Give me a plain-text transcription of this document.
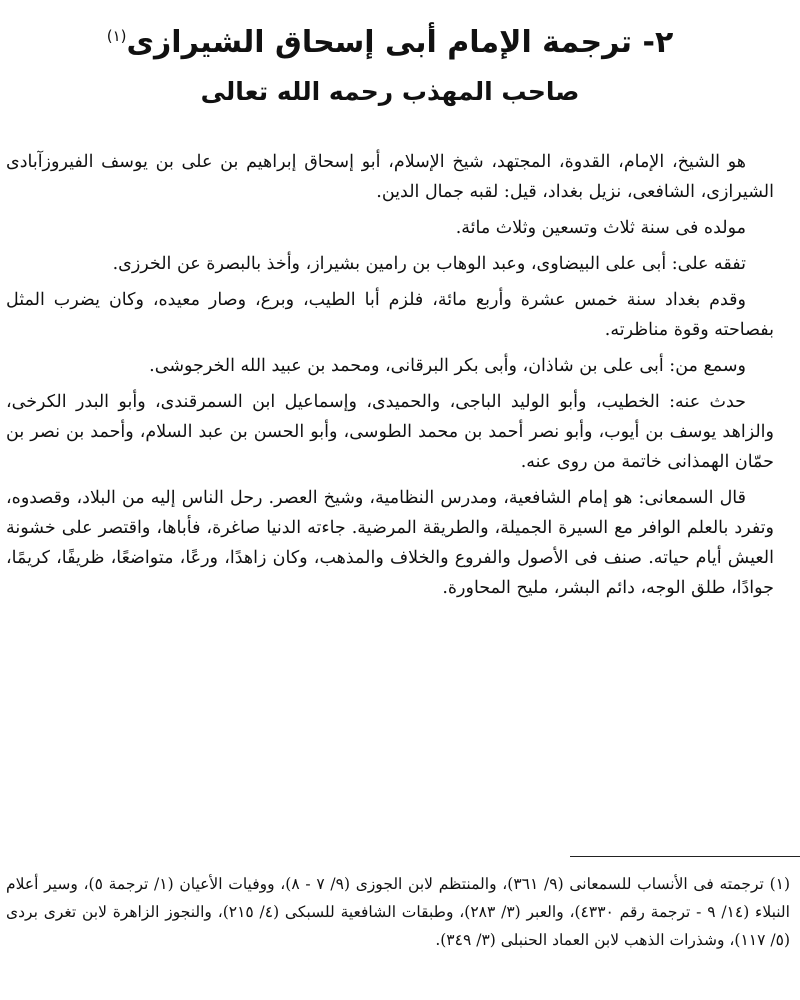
٢- ترجمة الإمام أبى إسحاق الشيرازى$^{(١)}$
صاحب المهذب رحمه الله تعالى

هو الشيخ، الإمام، القدوة، المجتهد، شيخ الإسلام، أبو إسحاق إبراهيم بن على بن يوسف الفيروزآبادى الشيرازى، الشافعى، نزيل بغداد، قيل: لقبه جمال الدين.

مولده فى سنة ثلاث وتسعين وثلاث مائة.

تفقه على: أبى على البيضاوى، وعبد الوهاب بن رامين بشيراز، وأخذ بالبصرة عن الخرزى.

وقدم بغداد سنة خمس عشرة وأربع مائة، فلزم أبا الطيب، وبرع، وصار معيده، وكان يضرب المثل بفصاحته وقوة مناظرته.

وسمع من: أبى على بن شاذان، وأبى بكر البرقانى، ومحمد بن عبيد الله الخرجوشى.

حدث عنه: الخطيب، وأبو الوليد الباجى، والحميدى، وإسماعيل ابن السمرقندى، وأبو البدر الكرخى، والزاهد يوسف بن أيوب، وأبو نصر أحمد بن محمد الطوسى، وأبو الحسن بن عبد السلام، وأحمد بن نصر بن حمّان الهمذانى خاتمة من روى عنه.

قال السمعانى: هو إمام الشافعية، ومدرس النظامية، وشيخ العصر. رحل الناس إليه من البلاد، وقصدوه، وتفرد بالعلم الوافر مع السيرة الجميلة، والطريقة المرضية. جاءته الدنيا صاغرة، فأباها، واقتصر على خشونة العيش أيام حياته. صنف فى الأصول والفروع والخلاف والمذهب، وكان زاهدًا، ورعًا، متواضعًا، ظريفًا، كريمًا، جوادًا، طلق الوجه، دائم البشر، مليح المحاورة.

(١) ترجمته فى الأنساب للسمعانى (٩/ ٣٦١)، والمنتظم لابن الجوزى (٩/ ٧ - ٨)، ووفيات الأعيان (١/ ترجمة ٥)، وسير أعلام النبلاء (١٤/ ٩ - ترجمة رقم ٤٣٣٠)، والعبر (٣/ ٢٨٣)، وطبقات الشافعية للسبكى (٤/ ٢١٥)، والنجوز الزاهرة لابن تغرى بردى (٥/ ١١٧)، وشذرات الذهب لابن العماد الحنبلى (٣/ ٣٤٩).
